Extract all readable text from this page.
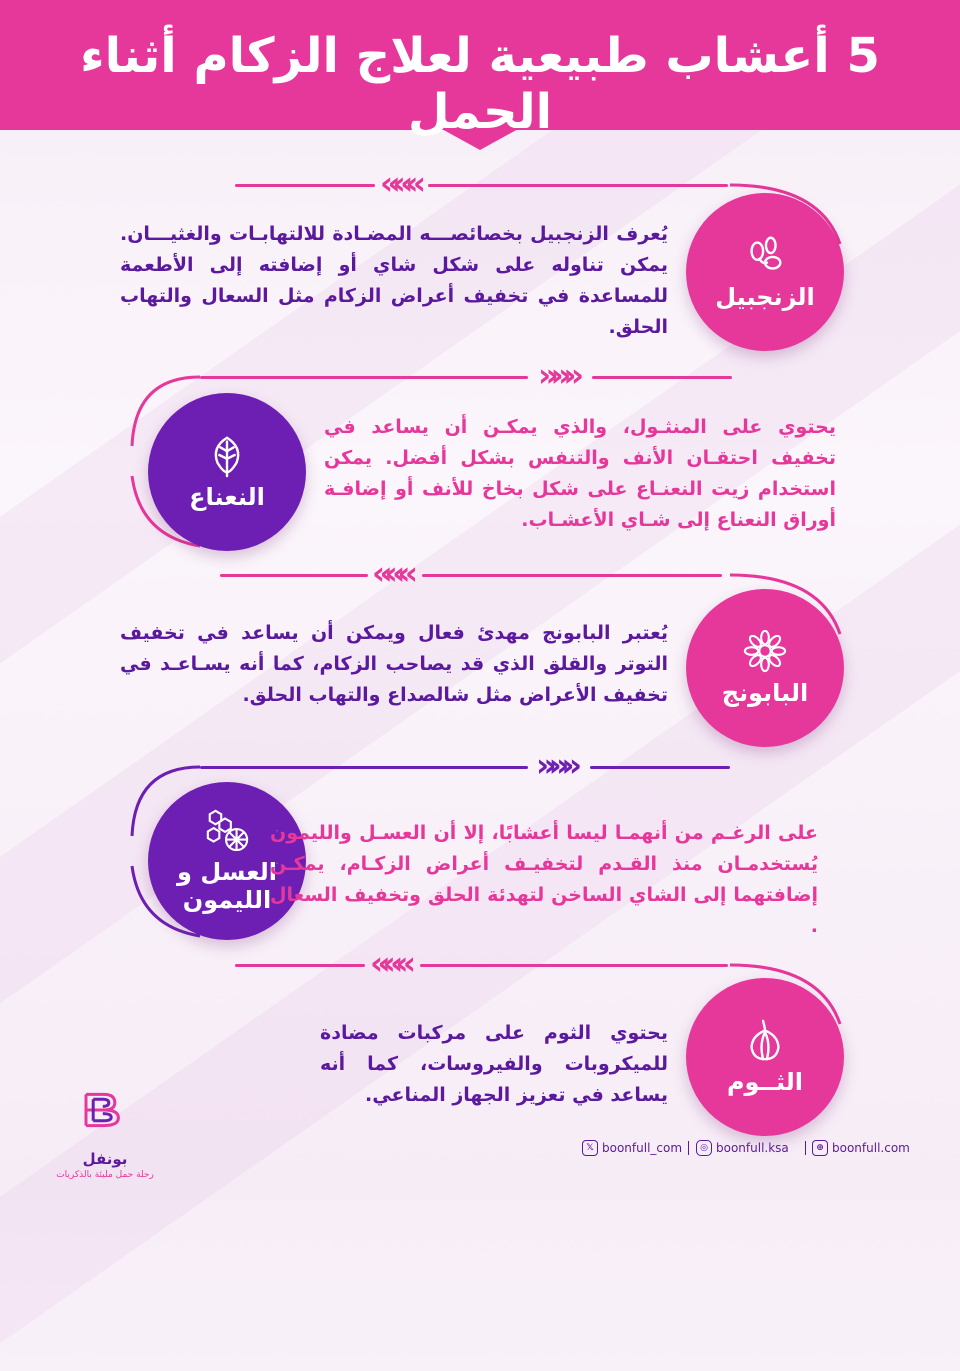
5 أعشاب طبيعية لعلاج الزكام أثناء الحمل
«««
الزنجبيل
يُعرف الزنجبيل بخصائصـــه المضـادة للالتهابـات والغثيـــان. يمكن تناوله على شكل شاي أو إضافته إلى الأطعمة للمساعدة في تخفيف أعراض الزكام مثل السعال والتهاب الحلق.
»»»
النعناع
يحتوي على المنثـول، والذي يمكـن أن يساعد في تخفيف احتقـان الأنف والتنفس بشكل أفضل. يمكن استخدام زيت النعنـاع على شكل بخاخ للأنف أو إضافـة أوراق النعناع إلى شـاي الأعشـاب.
«««
البابونج
يُعتبر البابونج مهدئ فعال ويمكن أن يساعد في تخفيف التوتر والقلق الذي قد يصاحب الزكام، كما أنه يسـاعـد في تخفيف الأعراض مثل شالصداع والتهاب الحلق.
»»»
العسل و الليمون
على الرغـم من أنهمـا ليسا أعشابًا، إلا أن العسـل والليمون يُستخدمـان منذ القـدم لتخفيـف أعراض الزكـام، يمكـن إضافتهما إلى الشاي الساخن لتهدئة الحلق وتخفيف السعال .
«««
الثــوم
يحتوي الثوم على مركبات مضادة للميكروبات والفيروسات، كما أنه يساعد في تعزيز الجهاز المناعي.
بونفل
رحلة حمل مليئة بالذكريات
𝕏 boonfull_com	◎ boonfull.ksa	⊕ boonfull.com
